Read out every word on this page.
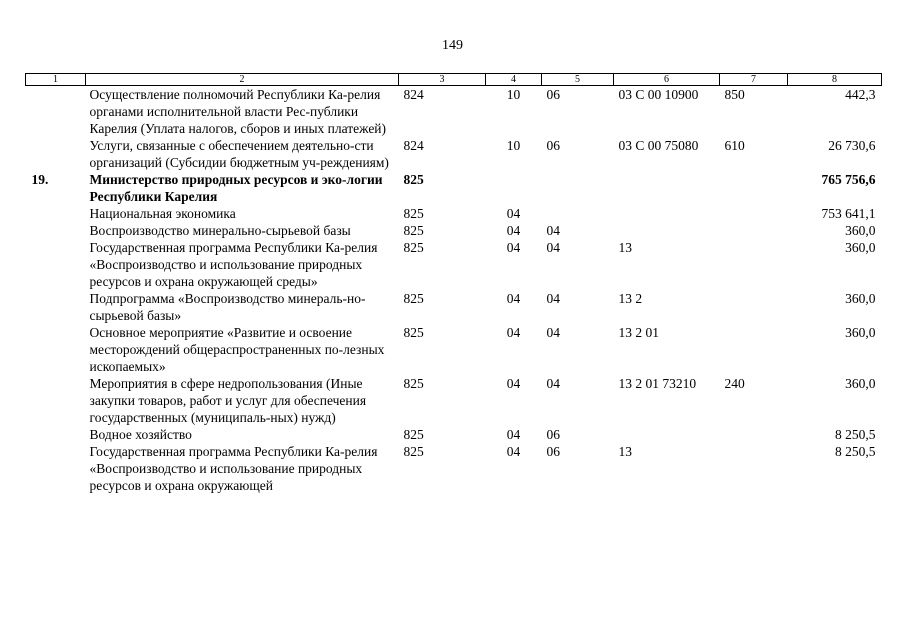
149
1	2	3	4	5	6	7	8
	Осуществление полномочий Республики Ка-релия органами исполнительной власти Рес-публики Карелия (Уплата налогов, сборов и иных платежей)	824	10	06	03 С 00 10900	850	442,3
	Услуги, связанные с обеспечением деятельно-сти организаций (Субсидии бюджетным уч-реждениям)	824	10	06	03 С 00 75080	610	26 730,6
19.	Министерство природных ресурсов и эко-логии Республики Карелия	825					765 756,6
	Национальная экономика	825	04				753 641,1
	Воспроизводство минерально-сырьевой базы	825	04	04			360,0
	Государственная программа Республики Ка-релия «Воспроизводство и использование природных ресурсов и охрана окружающей среды»	825	04	04	13		360,0
	Подпрограмма «Воспроизводство минераль-но-сырьевой базы»	825	04	04	13 2		360,0
	Основное мероприятие «Развитие и освоение месторождений общераспространенных по-лезных ископаемых»	825	04	04	13 2 01		360,0
	Мероприятия в сфере недропользования (Иные закупки товаров, работ и услуг для обеспечения государственных (муниципаль-ных) нужд)	825	04	04	13 2 01 73210	240	360,0
	Водное хозяйство	825	04	06			8 250,5
	Государственная программа Республики Ка-релия «Воспроизводство и использование природных ресурсов и охрана окружающей	825	04	06	13		8 250,5
